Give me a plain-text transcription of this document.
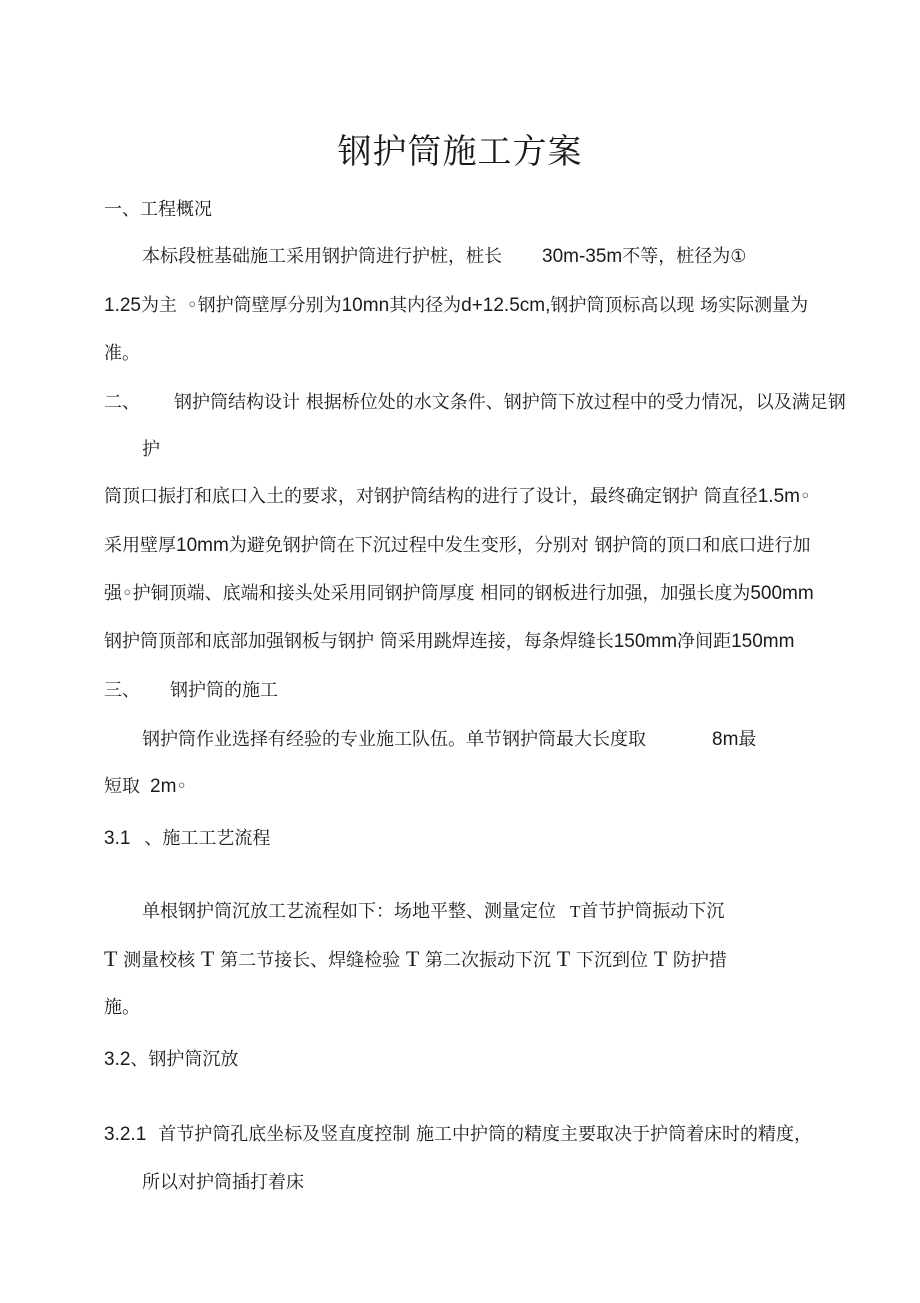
钢护筒施工方案
一、工程概况
本标段桩基础施工采用钢护筒进行护桩，桩长 30m-35m不等，桩径为①
1.25为主 ◦钢护筒壁厚分别为10mn其内径为d+12.5cm,钢护筒顶标高以现 场实际测量为
准。
二、 钢护筒结构设计 根据桥位处的水文条件、钢护筒下放过程中的受力情况，以及满足钢
护
筒顶口振打和底口入土的要求，对钢护筒结构的进行了设计，最终确定钢护 筒直径1.5m◦
采用壁厚10mm为避免钢护筒在下沉过程中发生变形，分别对 钢护筒的顶口和底口进行加
强◦护铜顶端、底端和接头处采用同钢护筒厚度 相同的钢板进行加强，加强长度为500mm
钢护筒顶部和底部加强钢板与钢护 筒采用跳焊连接，每条焊缝长150mm净间距150mm
三、 钢护筒的施工
钢护筒作业选择有经验的专业施工队伍。单节钢护筒最大长度取	8m最
短取 2m◦
3.1 、施工工艺流程
单根钢护筒沉放工艺流程如下：场地平整、测量定位 T首节护筒振动下沉
T 测量校核 T 第二节接长、焊缝检验 T 第二次振动下沉 T 下沉到位 T 防护措
施。
3.2、钢护筒沉放
3.2.1 首节护筒孔底坐标及竖直度控制 施工中护筒的精度主要取决于护筒着床时的精度，
所以对护筒插打着床
